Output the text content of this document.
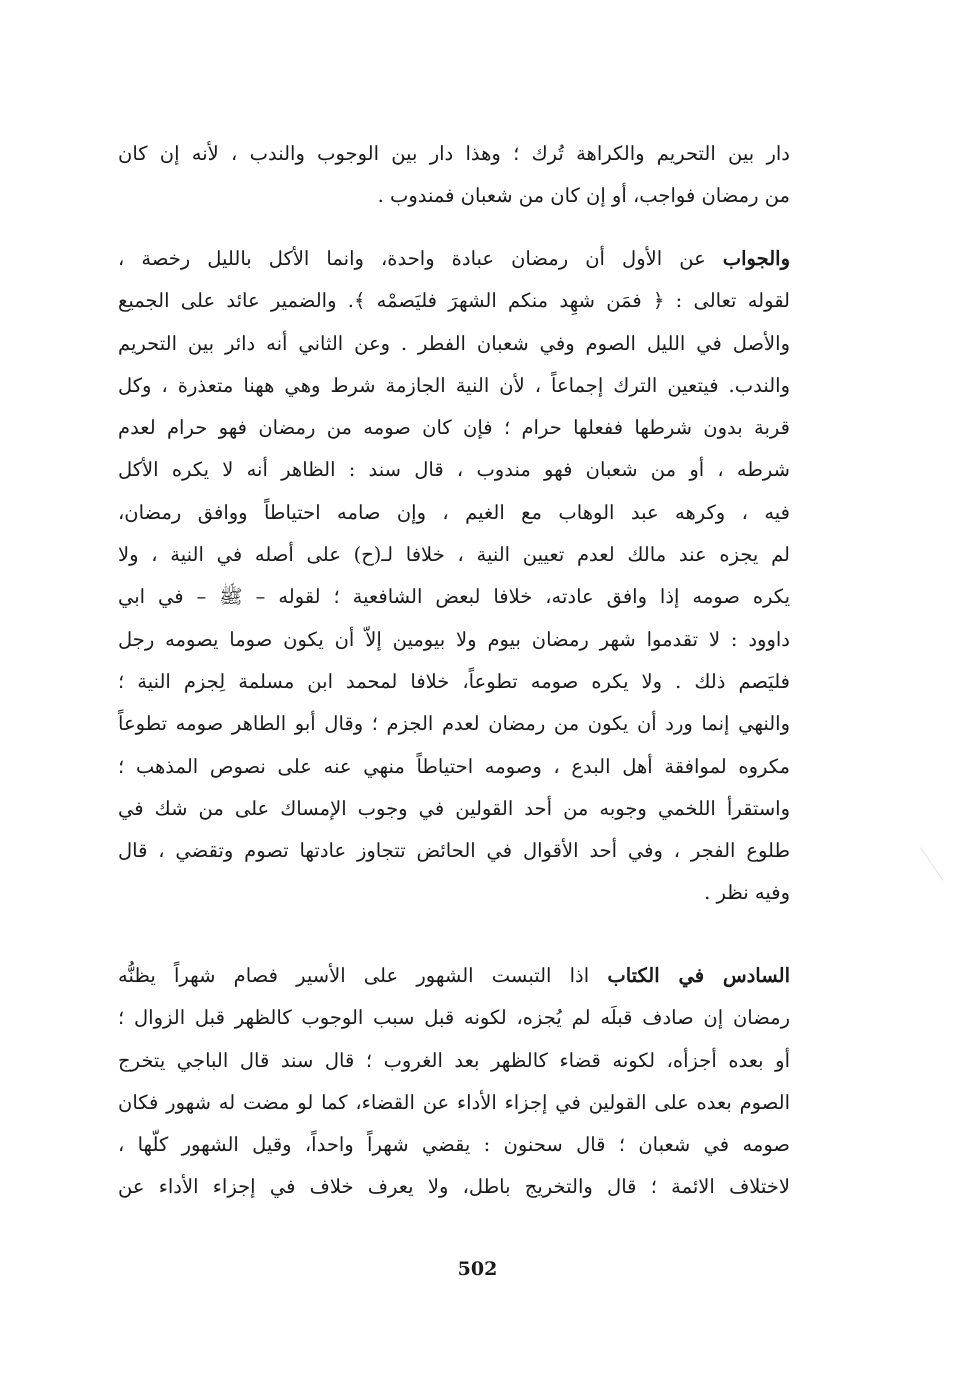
دار بين التحريم والكراهة تُرك ؛ وهذا دار بين الوجوب والندب ، لأنه إن كان
من رمضان فواجب، أو إن كان من شعبان فمندوب .
والجواب عن الأول أن رمضان عبادة واحدة، وانما الأكل بالليل رخصة ،
لقوله تعالى : ﴿ فمَن شهِد منكم الشهرَ فليَصمْه ﴾. والضمير عائد على الجميع
والأصل في الليل الصوم وفي شعبان الفطر . وعن الثاني أنه دائر بين التحريم
والندب. فيتعين الترك إجماعاً ، لأن النية الجازمة شرط وهي ههنا متعذرة ، وكل
قربة بدون شرطها ففعلها حرام ؛ فإن كان صومه من رمضان فهو حرام لعدم
شرطه ، أو من شعبان فهو مندوب ، قال سند : الظاهر أنه لا يكره الأكل
فيه ، وكرهه عبد الوهاب مع الغيم ، وإن صامه احتياطاً ووافق رمضان،
لم يجزه عند مالك لعدم تعيين النية ، خلافا لـ(ح) على أصله في النية ، ولا
يكره صومه إذا وافق عادته، خلافا لبعض الشافعية ؛ لقوله – ﷺ – في ابي
داوود : لا تقدموا شهر رمضان بيوم ولا بيومين إلاّ أن يكون صوما يصومه رجل
فليَصم ذلك . ولا يكره صومه تطوعاً، خلافا لمحمد ابن مسلمة لِجزم النية ؛
والنهي إنما ورد أن يكون من رمضان لعدم الجزم ؛ وقال أبو الطاهر صومه تطوعاً
مكروه لموافقة أهل البدع ، وصومه احتياطاً منهي عنه على نصوص المذهب ؛
واستقرأ اللخمي وجوبه من أحد القولين في وجوب الإمساك على من شك في
طلوع الفجر ، وفي أحد الأقوال في الحائض تتجاوز عادتها تصوم وتقضي ، قال
وفيه نظر .
السادس في الكتاب اذا التبست الشهور على الأسير فصام شهراً يظنُّه
رمضان إن صادف قبلَه لم يُجزه، لكونه قبل سبب الوجوب كالظهر قبل الزوال ؛
أو بعده أجزأه، لكونه قضاء كالظهر بعد الغروب ؛ قال سند قال الباجي يتخرج
الصوم بعده على القولين في إجزاء الأداء عن القضاء، كما لو مضت له شهور فكان
صومه في شعبان ؛ قال سحنون : يقضي شهراً واحداً، وقيل الشهور كلّها ،
لاختلاف الائمة ؛ قال والتخريج باطل، ولا يعرف خلاف في إجزاء الأداء عن
502
